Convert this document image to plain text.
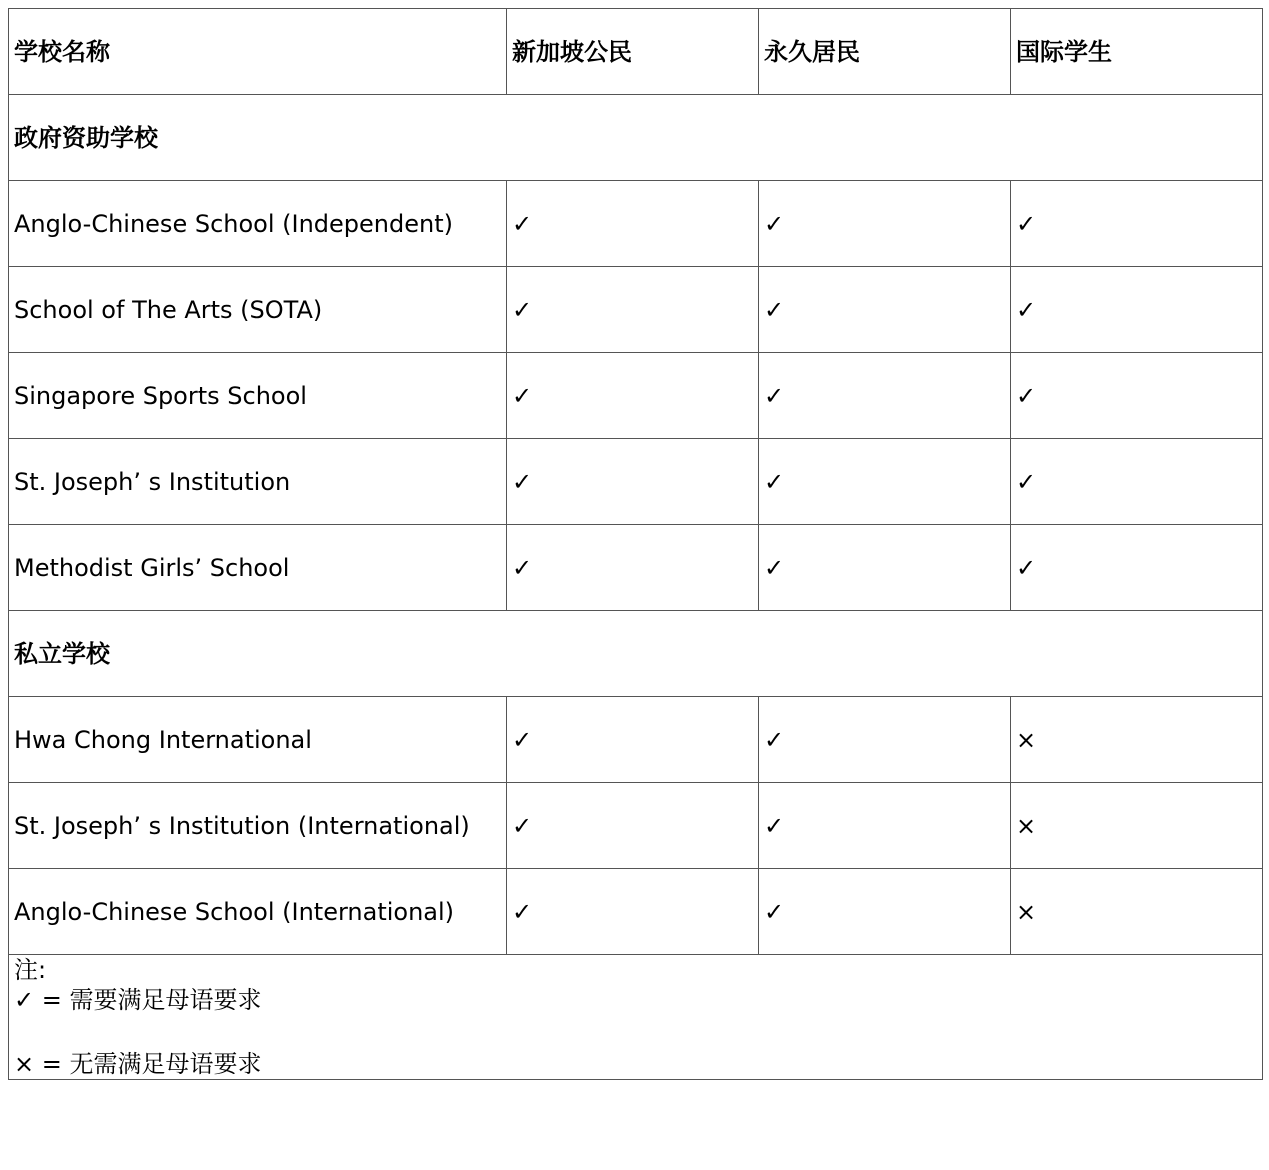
学校名称	新加坡公民	永久居民	国际学生
政府资助学校			
Anglo-Chinese School (Independent)	✓	✓	✓
School of The Arts (SOTA)	✓	✓	✓
Singapore Sports School	✓	✓	✓
St. Joseph’ s Institution	✓	✓	✓
Methodist Girls’ School	✓	✓	✓
私立学校			
Hwa Chong International	✓	✓	×
St. Joseph’ s Institution (International)	✓	✓	×
Anglo-Chinese School (International)	✓	✓	×

注:
✓ = 需要满足母语要求
× = 无需满足母语要求			
